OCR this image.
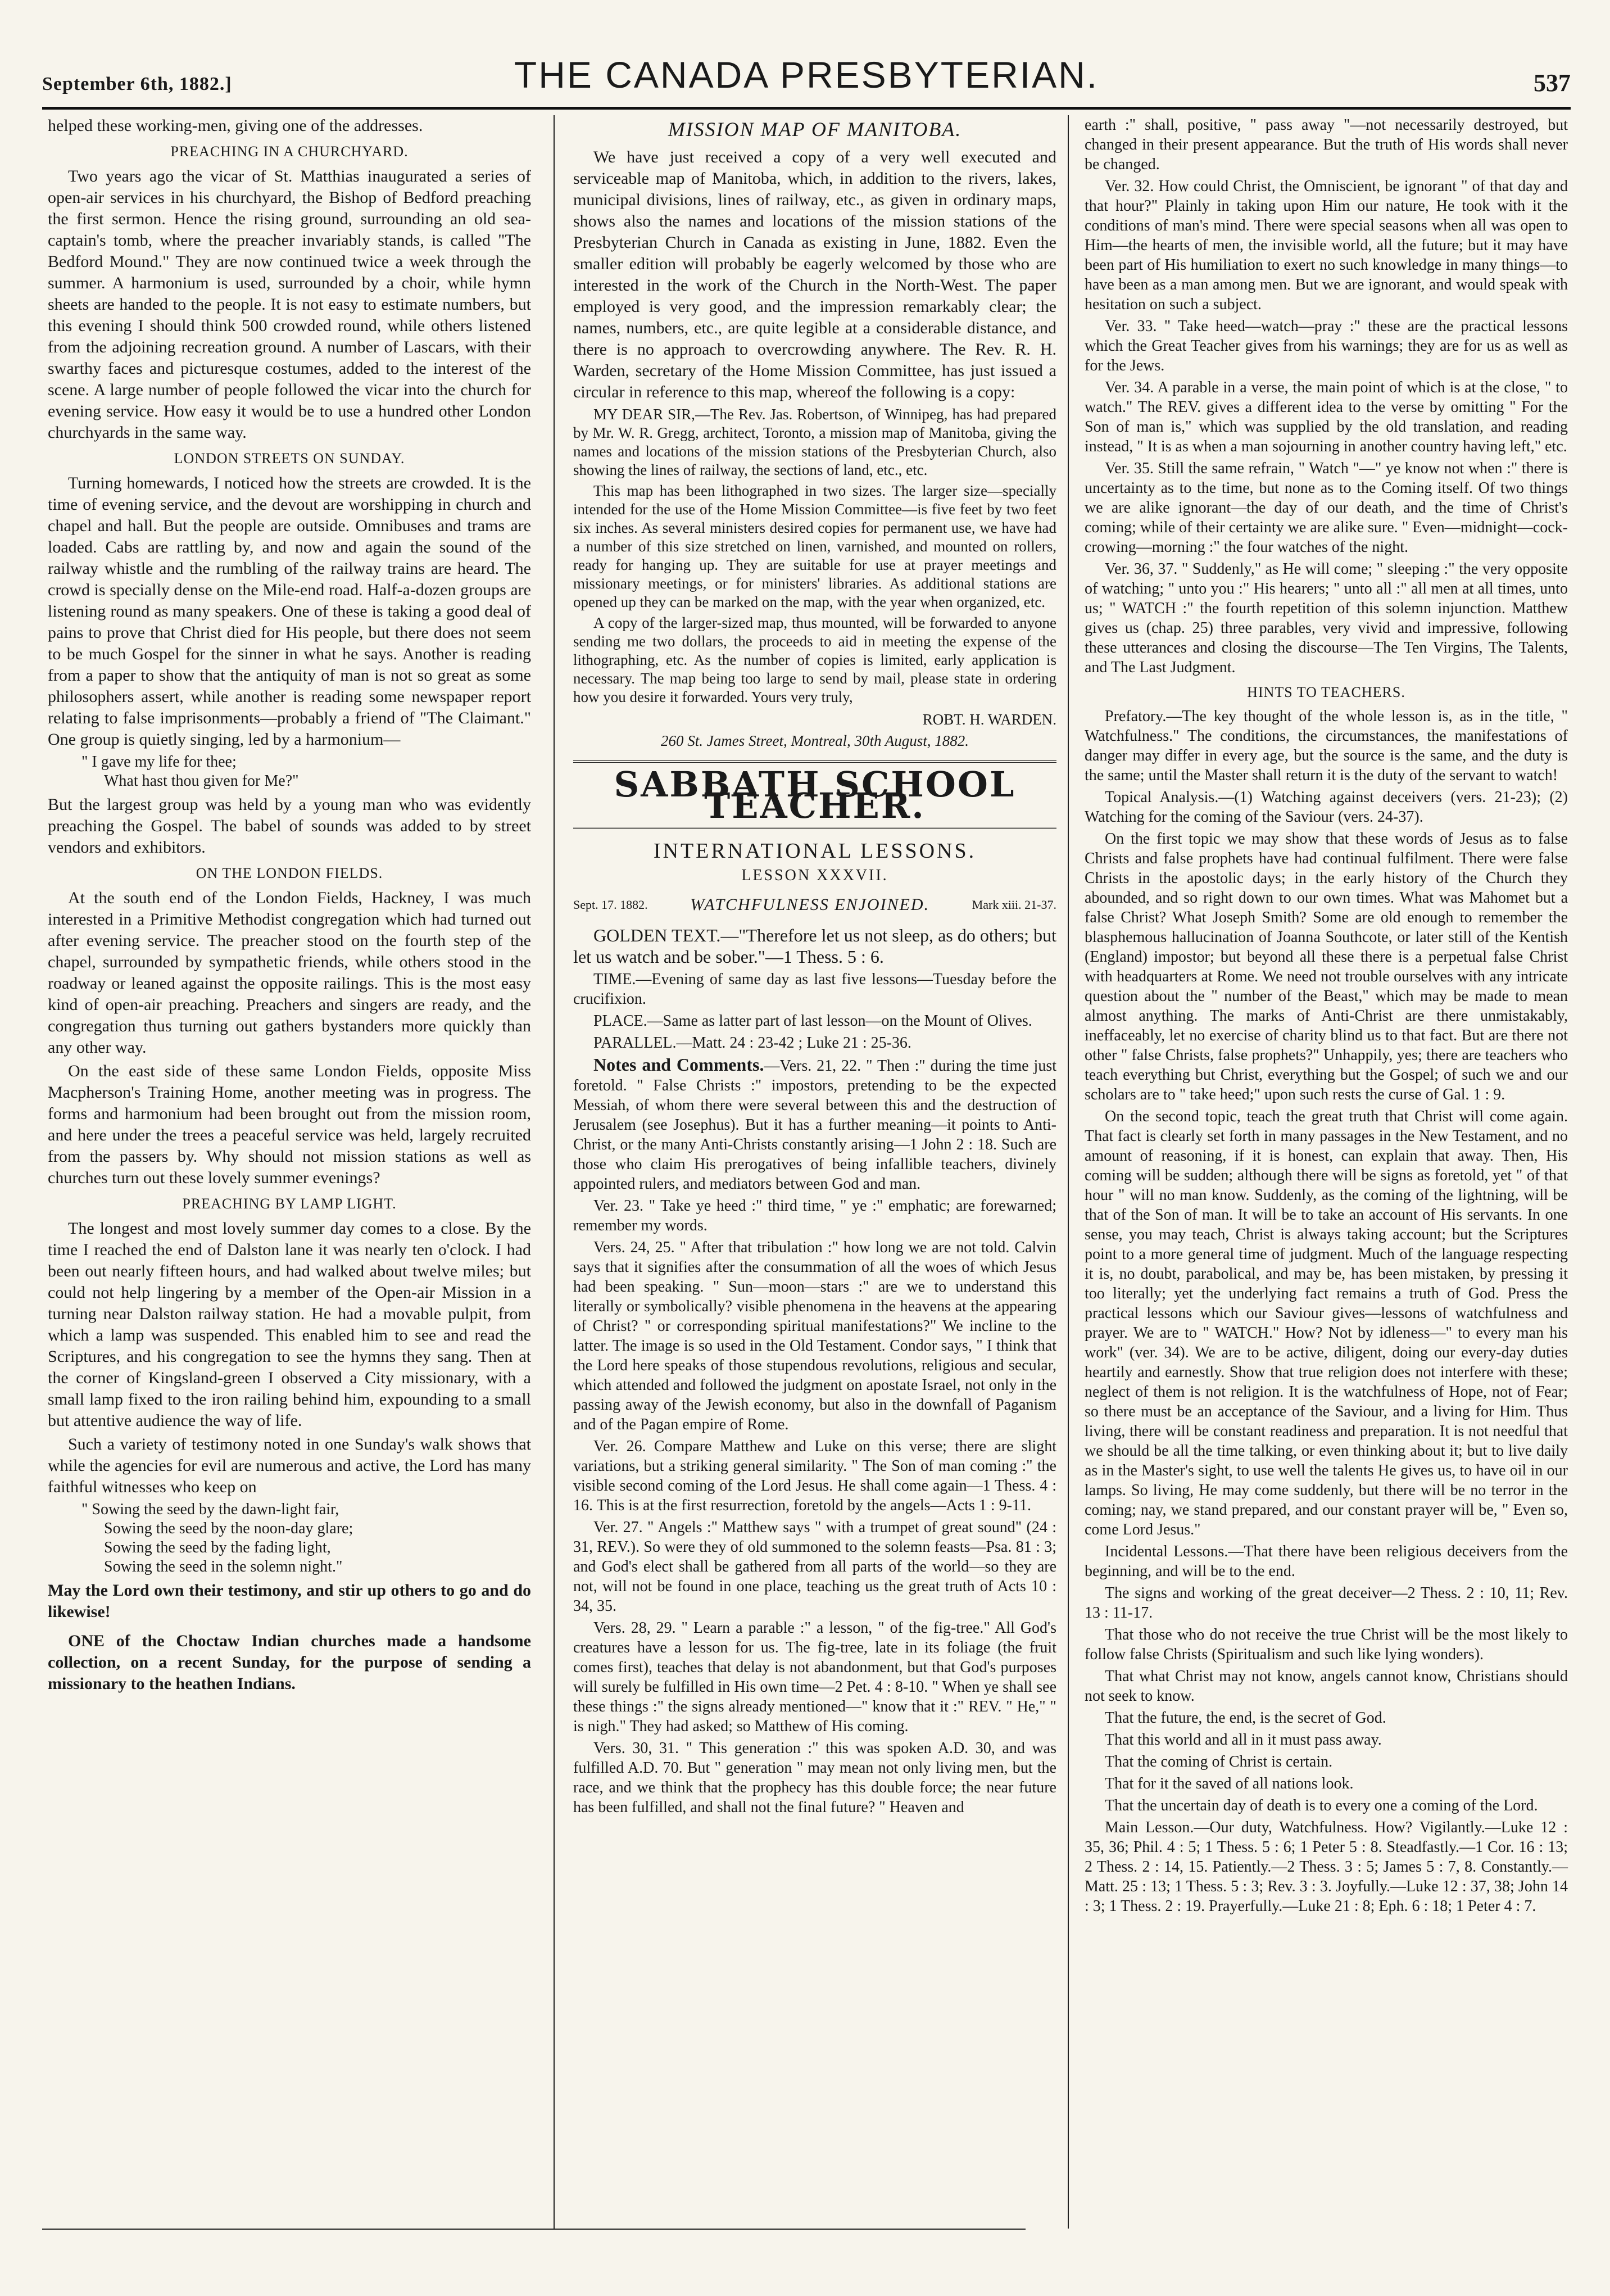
September 6th, 1882.]	THE CANADA PRESBYTERIAN.	537

helped these working-men, giving one of the addresses.

PREACHING IN A CHURCHYARD.

Two years ago the vicar of St. Matthias inaugurated a series of open-air services in his churchyard, the Bishop of Bedford preaching the first sermon. Hence the rising ground, surrounding an old sea-captain's tomb, where the preacher invariably stands, is called "The Bedford Mound." They are now continued twice a week through the summer. A harmonium is used, surrounded by a choir, while hymn sheets are handed to the people. It is not easy to estimate numbers, but this evening I should think 500 crowded round, while others listened from the adjoining recreation ground. A number of Lascars, with their swarthy faces and picturesque costumes, added to the interest of the scene. A large number of people followed the vicar into the church for evening service. How easy it would be to use a hundred other London churchyards in the same way.

LONDON STREETS ON SUNDAY.

Turning homewards, I noticed how the streets are crowded. It is the time of evening service, and the devout are worshipping in church and chapel and hall. But the people are outside. Omnibuses and trams are loaded. Cabs are rattling by, and now and again the sound of the railway whistle and the rumbling of the railway trains are heard. The crowd is specially dense on the Mile-end road. Half-a-dozen groups are listening round as many speakers. One of these is taking a good deal of pains to prove that Christ died for His people, but there does not seem to be much Gospel for the sinner in what he says. Another is reading from a paper to show that the antiquity of man is not so great as some philosophers assert, while another is reading some newspaper report relating to false imprisonments—probably a friend of "The Claimant." One group is quietly singing, led by a harmonium—

" I gave my life for thee;
What hast thou given for Me?"

But the largest group was held by a young man who was evidently preaching the Gospel. The babel of sounds was added to by street vendors and exhibitors.

ON THE LONDON FIELDS.

At the south end of the London Fields, Hackney, I was much interested in a Primitive Methodist congregation which had turned out after evening service. The preacher stood on the fourth step of the chapel, surrounded by sympathetic friends, while others stood in the roadway or leaned against the opposite railings. This is the most easy kind of open-air preaching. Preachers and singers are ready, and the congregation thus turning out gathers bystanders more quickly than any other way.

On the east side of these same London Fields, opposite Miss Macpherson's Training Home, another meeting was in progress. The forms and harmonium had been brought out from the mission room, and here under the trees a peaceful service was held, largely recruited from the passers by. Why should not mission stations as well as churches turn out these lovely summer evenings?

PREACHING BY LAMP LIGHT.

The longest and most lovely summer day comes to a close. By the time I reached the end of Dalston lane it was nearly ten o'clock. I had been out nearly fifteen hours, and had walked about twelve miles; but could not help lingering by a member of the Open-air Mission in a turning near Dalston railway station. He had a movable pulpit, from which a lamp was suspended. This enabled him to see and read the Scriptures, and his congregation to see the hymns they sang. Then at the corner of Kingsland-green I observed a City missionary, with a small lamp fixed to the iron railing behind him, expounding to a small but attentive audience the way of life.

Such a variety of testimony noted in one Sunday's walk shows that while the agencies for evil are numerous and active, the Lord has many faithful witnesses who keep on

" Sowing the seed by the dawn-light fair,
Sowing the seed by the noon-day glare;
Sowing the seed by the fading light,
Sowing the seed in the solemn night."

May the Lord own their testimony, and stir up others to go and do likewise!

ONE of the Choctaw Indian churches made a handsome collection, on a recent Sunday, for the purpose of sending a missionary to the heathen Indians.

MISSION MAP OF MANITOBA.

We have just received a copy of a very well executed and serviceable map of Manitoba, which, in addition to the rivers, lakes, municipal divisions, lines of railway, etc., as given in ordinary maps, shows also the names and locations of the mission stations of the Presbyterian Church in Canada as existing in June, 1882. Even the smaller edition will probably be eagerly welcomed by those who are interested in the work of the Church in the North-West. The paper employed is very good, and the impression remarkably clear; the names, numbers, etc., are quite legible at a considerable distance, and there is no approach to overcrowding anywhere. The Rev. R. H. Warden, secretary of the Home Mission Committee, has just issued a circular in reference to this map, whereof the following is a copy:

MY DEAR SIR,—The Rev. Jas. Robertson, of Winnipeg, has had prepared by Mr. W. R. Gregg, architect, Toronto, a mission map of Manitoba, giving the names and locations of the mission stations of the Presbyterian Church, also showing the lines of railway, the sections of land, etc., etc.

This map has been lithographed in two sizes. The larger size—specially intended for the use of the Home Mission Committee—is five feet by two feet six inches. As several ministers desired copies for permanent use, we have had a number of this size stretched on linen, varnished, and mounted on rollers, ready for hanging up. They are suitable for use at prayer meetings and missionary meetings, or for ministers' libraries. As additional stations are opened up they can be marked on the map, with the year when organized, etc.

A copy of the larger-sized map, thus mounted, will be forwarded to anyone sending me two dollars, the proceeds to aid in meeting the expense of the lithographing, etc. As the number of copies is limited, early application is necessary. The map being too large to send by mail, please state in ordering how you desire it forwarded. Yours very truly,

ROBT. H. WARDEN.
260 St. James Street, Montreal, 30th August, 1882.
SABBATH SCHOOL TEACHER.
INTERNATIONAL LESSONS.
LESSON XXXVII.
Sept. 17. 1882.	WATCHFULNESS ENJOINED.	Mark xiii. 21-37.

GOLDEN TEXT.—"Therefore let us not sleep, as do others; but let us watch and be sober."—1 Thess. 5 : 6.

TIME.—Evening of same day as last five lessons—Tuesday before the crucifixion.

PLACE.—Same as latter part of last lesson—on the Mount of Olives.

PARALLEL.—Matt. 24 : 23-42 ; Luke 21 : 25-36.

Notes and Comments.—Vers. 21, 22. " Then :" during the time just foretold. " False Christs :" impostors, pretending to be the expected Messiah, of whom there were several between this and the destruction of Jerusalem (see Josephus). But it has a further meaning—it points to Anti-Christ, or the many Anti-Christs constantly arising—1 John 2 : 18. Such are those who claim His prerogatives of being infallible teachers, divinely appointed rulers, and mediators between God and man.

Ver. 23. " Take ye heed :" third time, " ye :" emphatic; are forewarned; remember my words.

Vers. 24, 25. " After that tribulation :" how long we are not told. Calvin says that it signifies after the consummation of all the woes of which Jesus had been speaking. " Sun—moon—stars :" are we to understand this literally or symbolically? visible phenomena in the heavens at the appearing of Christ? " or corresponding spiritual manifestations?" We incline to the latter. The image is so used in the Old Testament. Condor says, " I think that the Lord here speaks of those stupendous revolutions, religious and secular, which attended and followed the judgment on apostate Israel, not only in the passing away of the Jewish economy, but also in the downfall of Paganism and of the Pagan empire of Rome.

Ver. 26. Compare Matthew and Luke on this verse; there are slight variations, but a striking general similarity. " The Son of man coming :" the visible second coming of the Lord Jesus. He shall come again—1 Thess. 4 : 16. This is at the first resurrection, foretold by the angels—Acts 1 : 9-11.

Ver. 27. " Angels :" Matthew says " with a trumpet of great sound" (24 : 31, REV.). So were they of old summoned to the solemn feasts—Psa. 81 : 3; and God's elect shall be gathered from all parts of the world—so they are not, will not be found in one place, teaching us the great truth of Acts 10 : 34, 35.

Vers. 28, 29. " Learn a parable :" a lesson, " of the fig-tree." All God's creatures have a lesson for us. The fig-tree, late in its foliage (the fruit comes first), teaches that delay is not abandonment, but that God's purposes will surely be fulfilled in His own time—2 Pet. 4 : 8-10. " When ye shall see these things :" the signs already mentioned—" know that it :" REV. " He," " is nigh." They had asked; so Matthew of His coming.

Vers. 30, 31. " This generation :" this was spoken A.D. 30, and was fulfilled A.D. 70. But " generation " may mean not only living men, but the race, and we think that the prophecy has this double force; the near future has been fulfilled, and shall not the final future? " Heaven and

earth :" shall, positive, " pass away "—not necessarily destroyed, but changed in their present appearance. But the truth of His words shall never be changed.

Ver. 32. How could Christ, the Omniscient, be ignorant " of that day and that hour?" Plainly in taking upon Him our nature, He took with it the conditions of man's mind. There were special seasons when all was open to Him—the hearts of men, the invisible world, all the future; but it may have been part of His humiliation to exert no such knowledge in many things—to have been as a man among men. But we are ignorant, and would speak with hesitation on such a subject.

Ver. 33. " Take heed—watch—pray :" these are the practical lessons which the Great Teacher gives from his warnings; they are for us as well as for the Jews.

Ver. 34. A parable in a verse, the main point of which is at the close, " to watch." The REV. gives a different idea to the verse by omitting " For the Son of man is," which was supplied by the old translation, and reading instead, " It is as when a man sojourning in another country having left," etc.

Ver. 35. Still the same refrain, " Watch "—" ye know not when :" there is uncertainty as to the time, but none as to the Coming itself. Of two things we are alike ignorant—the day of our death, and the time of Christ's coming; while of their certainty we are alike sure. " Even—midnight—cock-crowing—morning :" the four watches of the night.

Ver. 36, 37. " Suddenly," as He will come; " sleeping :" the very opposite of watching; " unto you :" His hearers; " unto all :" all men at all times, unto us; " WATCH :" the fourth repetition of this solemn injunction. Matthew gives us (chap. 25) three parables, very vivid and impressive, following these utterances and closing the discourse—The Ten Virgins, The Talents, and The Last Judgment.

HINTS TO TEACHERS.

Prefatory.—The key thought of the whole lesson is, as in the title, " Watchfulness." The conditions, the circumstances, the manifestations of danger may differ in every age, but the source is the same, and the duty is the same; until the Master shall return it is the duty of the servant to watch!

Topical Analysis.—(1) Watching against deceivers (vers. 21-23); (2) Watching for the coming of the Saviour (vers. 24-37).

On the first topic we may show that these words of Jesus as to false Christs and false prophets have had continual fulfilment. There were false Christs in the apostolic days; in the early history of the Church they abounded, and so right down to our own times. What was Mahomet but a false Christ? What Joseph Smith? Some are old enough to remember the blasphemous hallucination of Joanna Southcote, or later still of the Kentish (England) impostor; but beyond all these there is a perpetual false Christ with headquarters at Rome. We need not trouble ourselves with any intricate question about the " number of the Beast," which may be made to mean almost anything. The marks of Anti-Christ are there unmistakably, ineffaceably, let no exercise of charity blind us to that fact. But are there not other " false Christs, false prophets?" Unhappily, yes; there are teachers who teach everything but Christ, everything but the Gospel; of such we and our scholars are to " take heed;" upon such rests the curse of Gal. 1 : 9.

On the second topic, teach the great truth that Christ will come again. That fact is clearly set forth in many passages in the New Testament, and no amount of reasoning, if it is honest, can explain that away. Then, His coming will be sudden; although there will be signs as foretold, yet " of that hour " will no man know. Suddenly, as the coming of the lightning, will be that of the Son of man. It will be to take an account of His servants. In one sense, you may teach, Christ is always taking account; but the Scriptures point to a more general time of judgment. Much of the language respecting it is, no doubt, parabolical, and may be, has been mistaken, by pressing it too literally; yet the underlying fact remains a truth of God. Press the practical lessons which our Saviour gives—lessons of watchfulness and prayer. We are to " WATCH." How? Not by idleness—" to every man his work" (ver. 34). We are to be active, diligent, doing our every-day duties heartily and earnestly. Show that true religion does not interfere with these; neglect of them is not religion. It is the watchfulness of Hope, not of Fear; so there must be an acceptance of the Saviour, and a living for Him. Thus living, there will be constant readiness and preparation. It is not needful that we should be all the time talking, or even thinking about it; but to live daily as in the Master's sight, to use well the talents He gives us, to have oil in our lamps. So living, He may come suddenly, but there will be no terror in the coming; nay, we stand prepared, and our constant prayer will be, " Even so, come Lord Jesus."

Incidental Lessons.—That there have been religious deceivers from the beginning, and will be to the end.

The signs and working of the great deceiver—2 Thess. 2 : 10, 11; Rev. 13 : 11-17.

That those who do not receive the true Christ will be the most likely to follow false Christs (Spiritualism and such like lying wonders).

That what Christ may not know, angels cannot know, Christians should not seek to know.

That the future, the end, is the secret of God.

That this world and all in it must pass away.

That the coming of Christ is certain.

That for it the saved of all nations look.

That the uncertain day of death is to every one a coming of the Lord.

Main Lesson.—Our duty, Watchfulness. How? Vigilantly.—Luke 12 : 35, 36; Phil. 4 : 5; 1 Thess. 5 : 6; 1 Peter 5 : 8. Steadfastly.—1 Cor. 16 : 13; 2 Thess. 2 : 14, 15. Patiently.—2 Thess. 3 : 5; James 5 : 7, 8. Constantly.—Matt. 25 : 13; 1 Thess. 5 : 3; Rev. 3 : 3. Joyfully.—Luke 12 : 37, 38; John 14 : 3; 1 Thess. 2 : 19. Prayerfully.—Luke 21 : 8; Eph. 6 : 18; 1 Peter 4 : 7.
